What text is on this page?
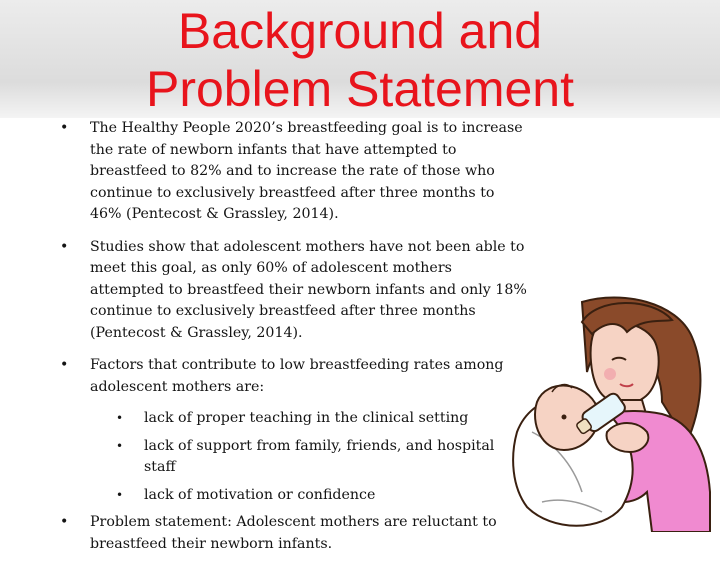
Background and
Problem Statement
• The Healthy People 2020’s breastfeeding goal is to increase the rate of newborn infants that have attempted to breastfeed to 82% and to increase the rate of those who continue to exclusively breastfeed after three months to 46% (Pentecost & Grassley, 2014).
• Studies show that adolescent mothers have not been able to meet this goal, as only 60% of adolescent mothers attempted to breastfeed their newborn infants and only 18% continue to exclusively breastfeed after three months (Pentecost & Grassley, 2014).
• Factors that contribute to low breastfeeding rates among adolescent mothers are:
• lack of proper teaching in the clinical setting
• lack of support from family, friends, and hospital staff
• lack of motivation or confidence
• Problem statement: Adolescent mothers are reluctant to breastfeed their newborn infants.
